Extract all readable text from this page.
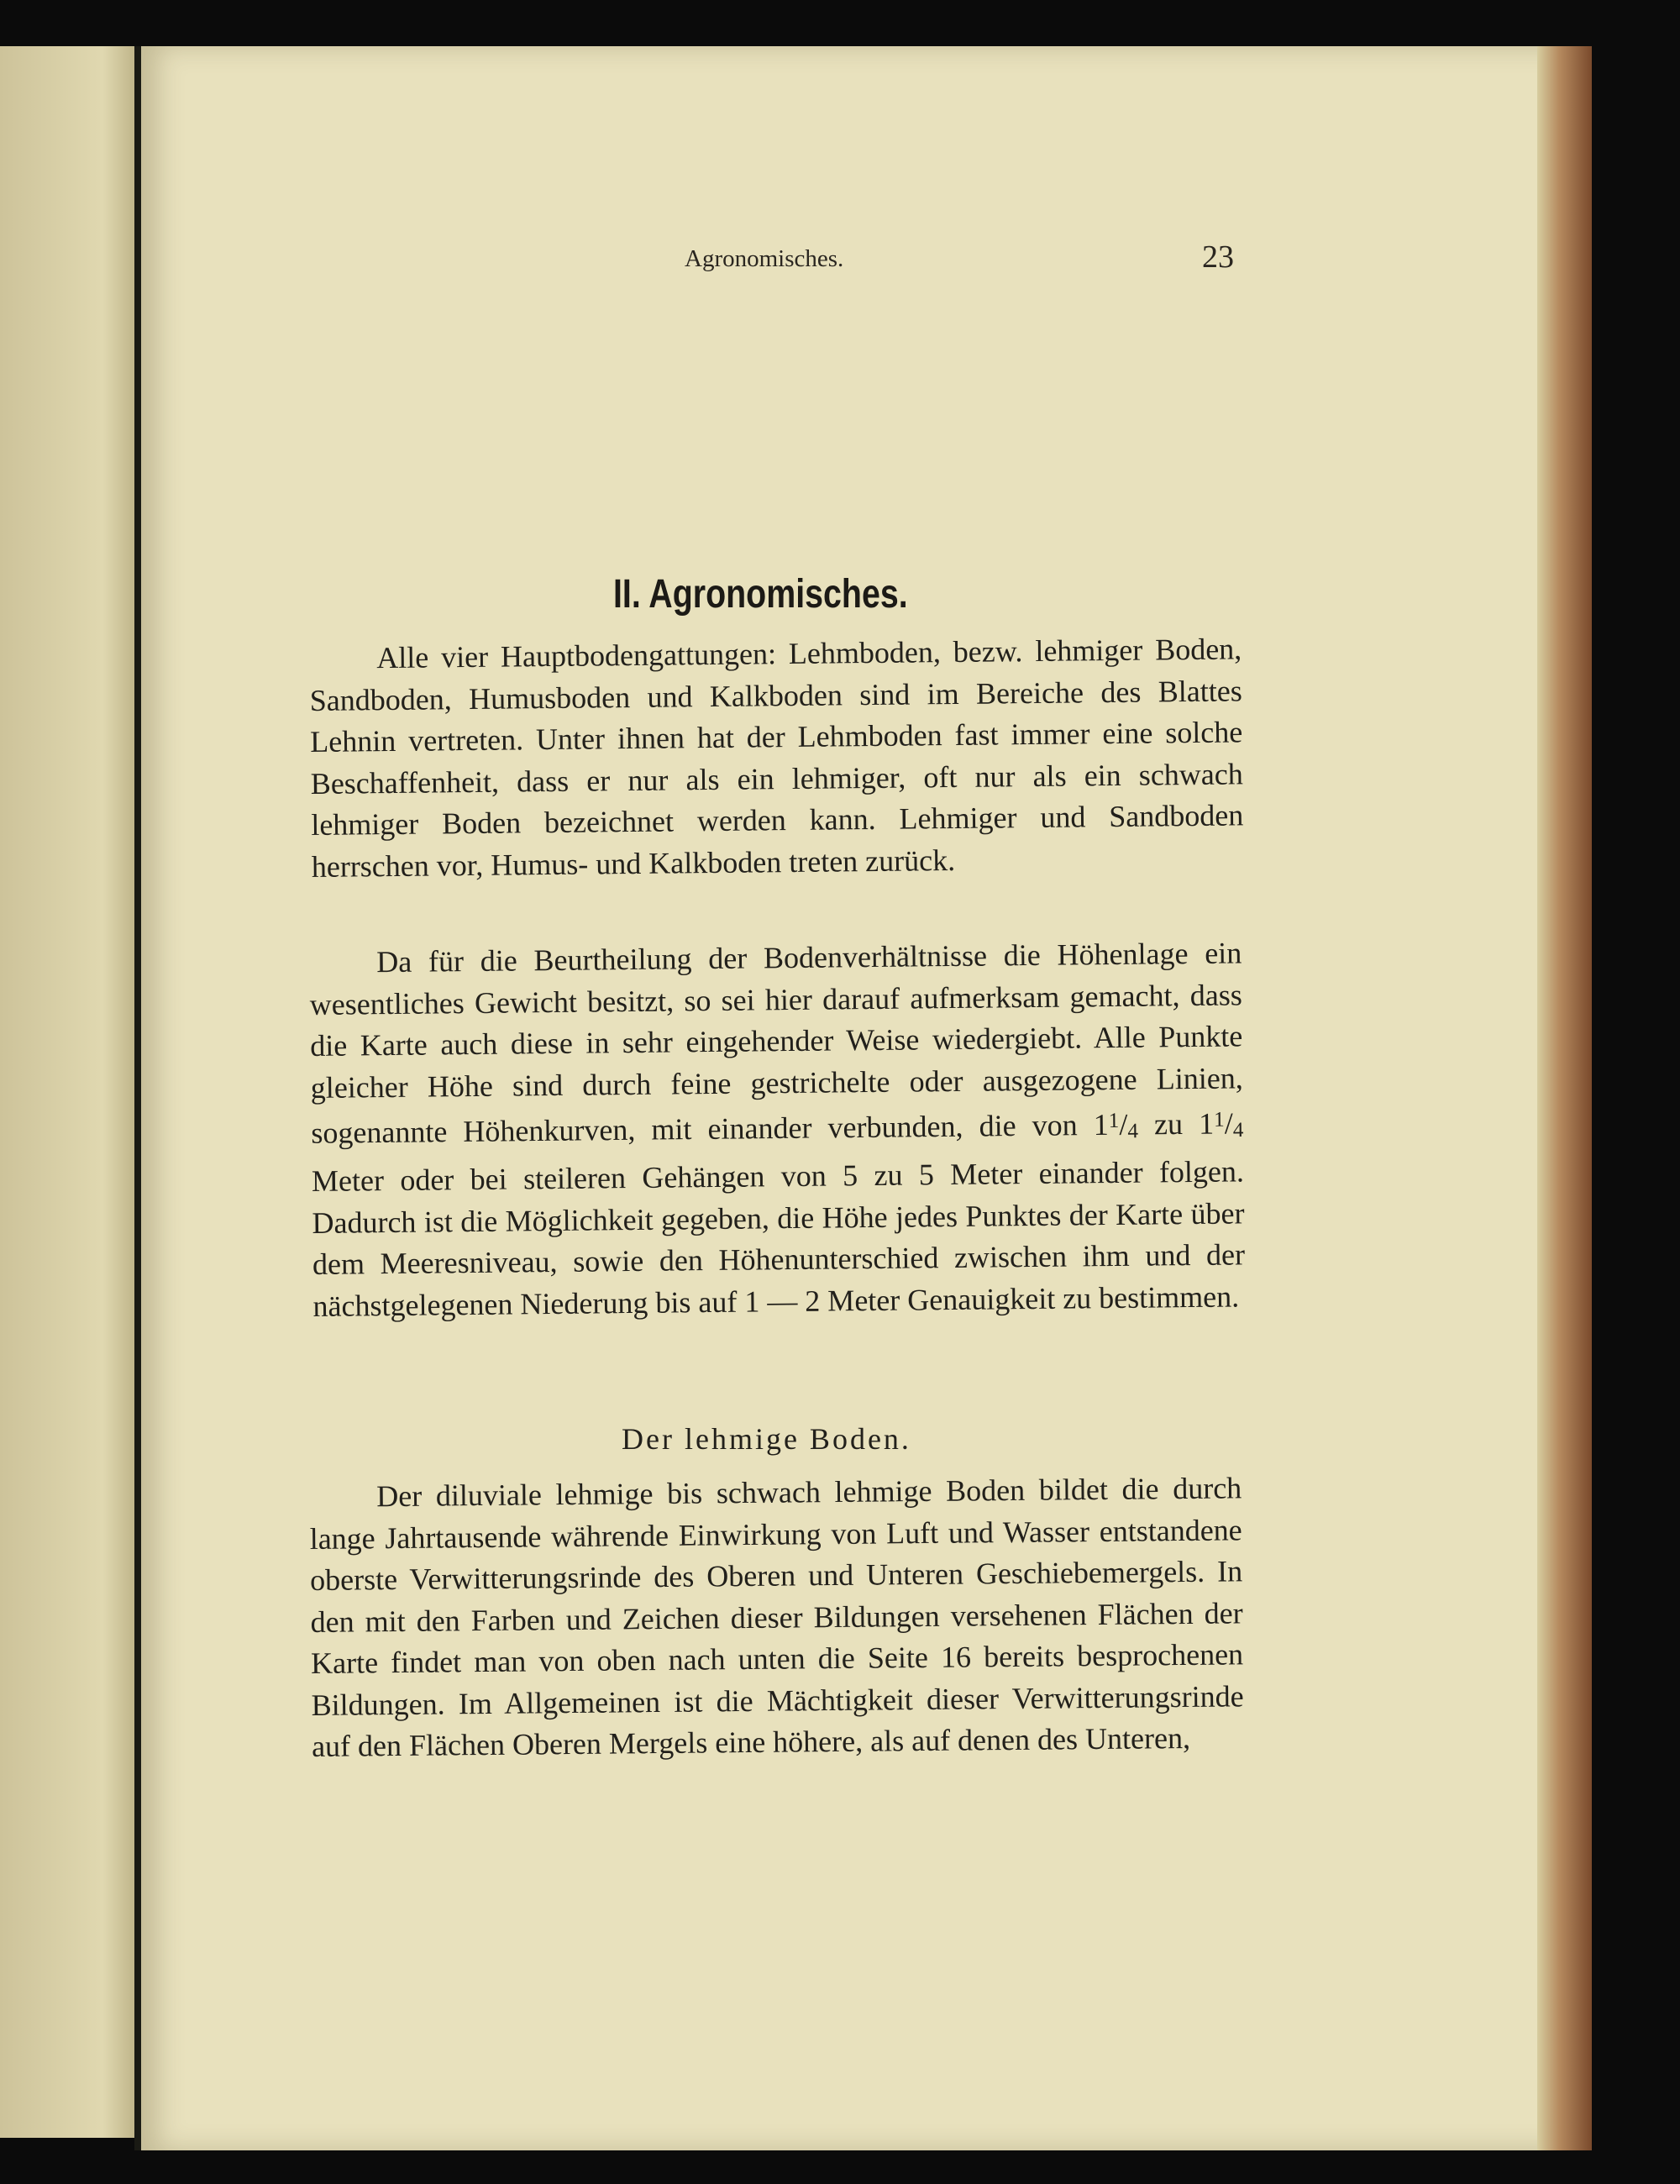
Agronomisches.	23
II. Agronomisches.

Alle vier Hauptbodengattungen: Lehmboden, bezw. lehmiger Boden, Sandboden, Humusboden und Kalkboden sind im Bereiche des Blattes Lehnin vertreten. Unter ihnen hat der Lehmboden fast immer eine solche Beschaffenheit, dass er nur als ein lehmiger, oft nur als ein schwach lehmiger Boden bezeichnet werden kann. Lehmiger und Sandboden herrschen vor, Humus- und Kalkboden treten zurück.

Da für die Beurtheilung der Bodenverhältnisse die Höhenlage ein wesentliches Gewicht besitzt, so sei hier darauf aufmerksam gemacht, dass die Karte auch diese in sehr eingehender Weise wiedergiebt. Alle Punkte gleicher Höhe sind durch feine gestrichelte oder ausgezogene Linien, sogenannte Höhenkurven, mit einander verbunden, die von $1^1/4$ zu $1^1/4$ Meter oder bei steileren Gehängen von 5 zu 5 Meter einander folgen. Dadurch ist die Möglichkeit gegeben, die Höhe jedes Punktes der Karte über dem Meeresniveau, sowie den Höhenunterschied zwischen ihm und der nächstgelegenen Niederung bis auf 1 — 2 Meter Genauigkeit zu bestimmen.

Der lehmige Boden.

Der diluviale lehmige bis schwach lehmige Boden bildet die durch lange Jahrtausende währende Einwirkung von Luft und Wasser entstandene oberste Verwitterungsrinde des Oberen und Unteren Geschiebemergels. In den mit den Farben und Zeichen dieser Bildungen versehenen Flächen der Karte findet man von oben nach unten die Seite 16 bereits besprochenen Bildungen. Im Allgemeinen ist die Mächtigkeit dieser Verwitterungsrinde auf den Flächen Oberen Mergels eine höhere, als auf denen des Unteren,
